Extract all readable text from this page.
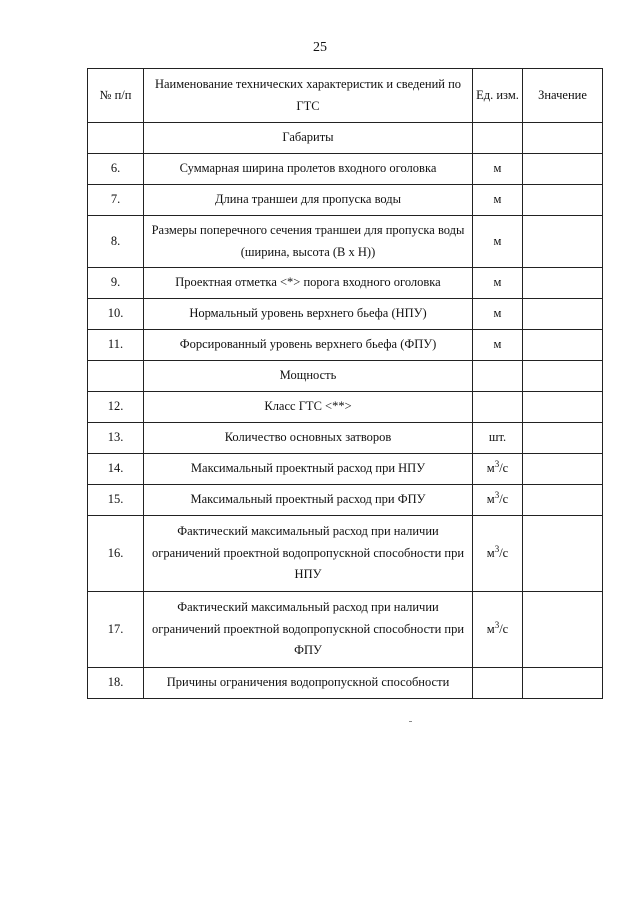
25
№ п/п	Наименование технических характеристик и сведений по ГТС	Ед. изм.	Значение
	Габариты		
6.	Суммарная ширина пролетов входного оголовка	м	
7.	Длина траншеи для пропуска воды	м	
8.	Размеры поперечного сечения траншеи для пропуска воды (ширина, высота (В x Н))	м	
9.	Проектная отметка <*> порога входного оголовка	м	
10.	Нормальный уровень верхнего бьефа (НПУ)	м	
11.	Форсированный уровень верхнего бьефа (ФПУ)	м	
	Мощность		
12.	Класс ГТС <**>		
13.	Количество основных затворов	шт.	
14.	Максимальный проектный расход при НПУ	$м^3/с$	
15.	Максимальный проектный расход при ФПУ	$м^3/с$	
16.	Фактический максимальный расход при наличии ограничений проектной водопропускной способности при НПУ	$м^3/с$	
17.	Фактический максимальный расход при наличии ограничений проектной водопропускной способности при ФПУ	$м^3/с$	
18.	Причины ограничения водопропускной способности		
